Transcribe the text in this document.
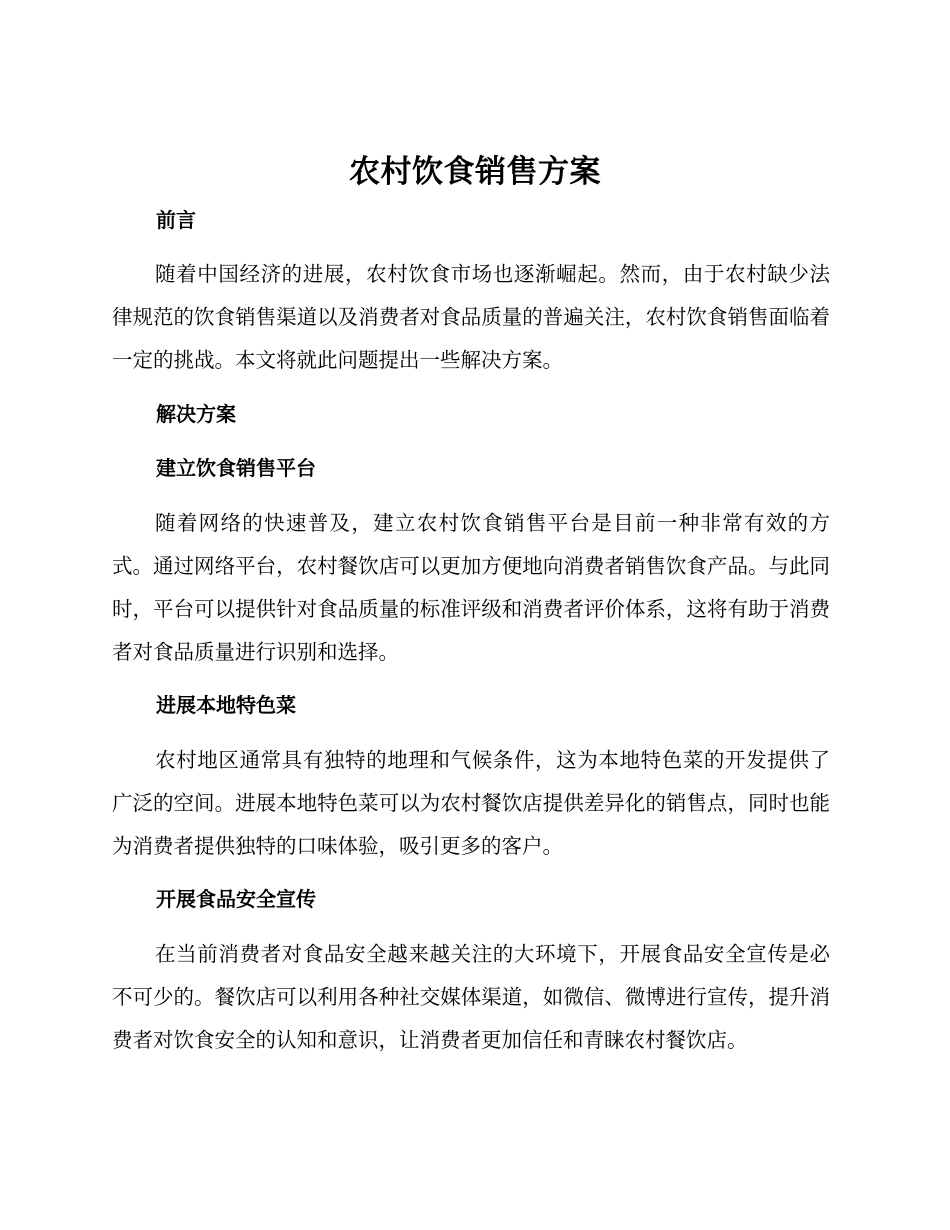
农村饮食销售方案
前言

随着中国经济的进展，农村饮食市场也逐渐崛起。然而，由于农村缺少法律规范的饮食销售渠道以及消费者对食品质量的普遍关注，农村饮食销售面临着一定的挑战。本文将就此问题提出一些解决方案。

解决方案
建立饮食销售平台

随着网络的快速普及，建立农村饮食销售平台是目前一种非常有效的方式。通过网络平台，农村餐饮店可以更加方便地向消费者销售饮食产品。与此同时，平台可以提供针对食品质量的标准评级和消费者评价体系，这将有助于消费者对食品质量进行识别和选择。

进展本地特色菜

农村地区通常具有独特的地理和气候条件，这为本地特色菜的开发提供了广泛的空间。进展本地特色菜可以为农村餐饮店提供差异化的销售点，同时也能为消费者提供独特的口味体验，吸引更多的客户。

开展食品安全宣传

在当前消费者对食品安全越来越关注的大环境下，开展食品安全宣传是必不可少的。餐饮店可以利用各种社交媒体渠道，如微信、微博进行宣传，提升消费者对饮食安全的认知和意识，让消费者更加信任和青睐农村餐饮店。
